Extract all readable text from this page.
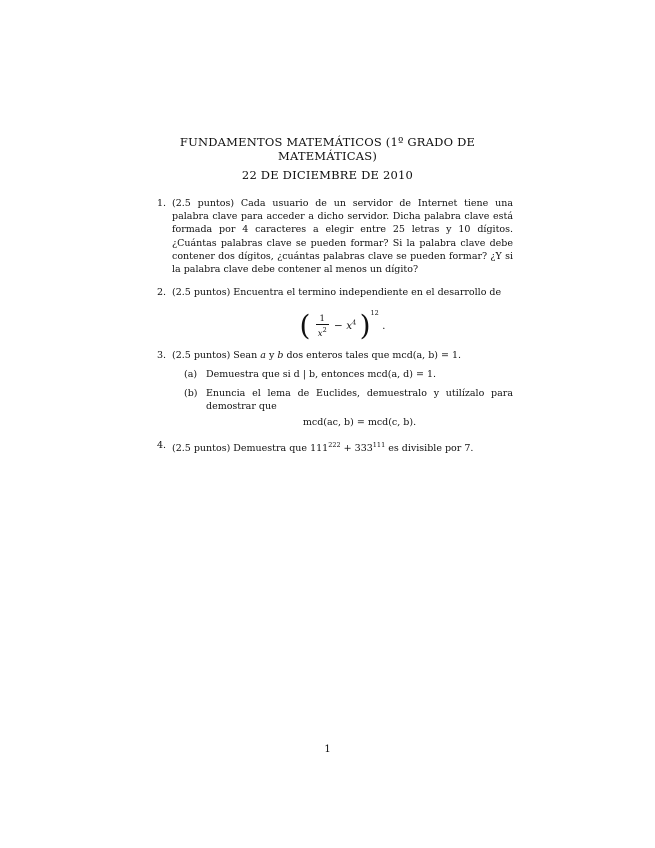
FUNDAMENTOS MATEMÁTICOS (1º GRADO DE
MATEMÁTICAS)
22 DE DICIEMBRE DE 2010
1. (2.5 puntos) Cada usuario de un servidor de Internet tiene una palabra clave para acceder a dicho servidor. Dicha palabra clave está formada por 4 caracteres a elegir entre 25 letras y 10 dígitos. ¿Cuántas palabras clave se pueden formar? Si la palabra clave debe contener dos dígitos, ¿cuántas palabras clave se pueden formar? ¿Y si la palabra clave debe contener al menos un dígito?
2. (2.5 puntos) Encuentra el termino independiente en el desarrollo de
( $\frac{1}{x^2} - x^4$ )$^{12}$ .
3. (2.5 puntos) Sean a y b dos enteros tales que mcd(a, b) = 1.
(a) Demuestra que si d | b, entonces mcd(a, d) = 1.
(b) Enuncia el lema de Euclides, demuestralo y utilízalo para demostrar que
mcd(ac, b) = mcd(c, b).
4. (2.5 puntos) Demuestra que $111^{222} + 333^{111}$ es divisible por 7.
1
